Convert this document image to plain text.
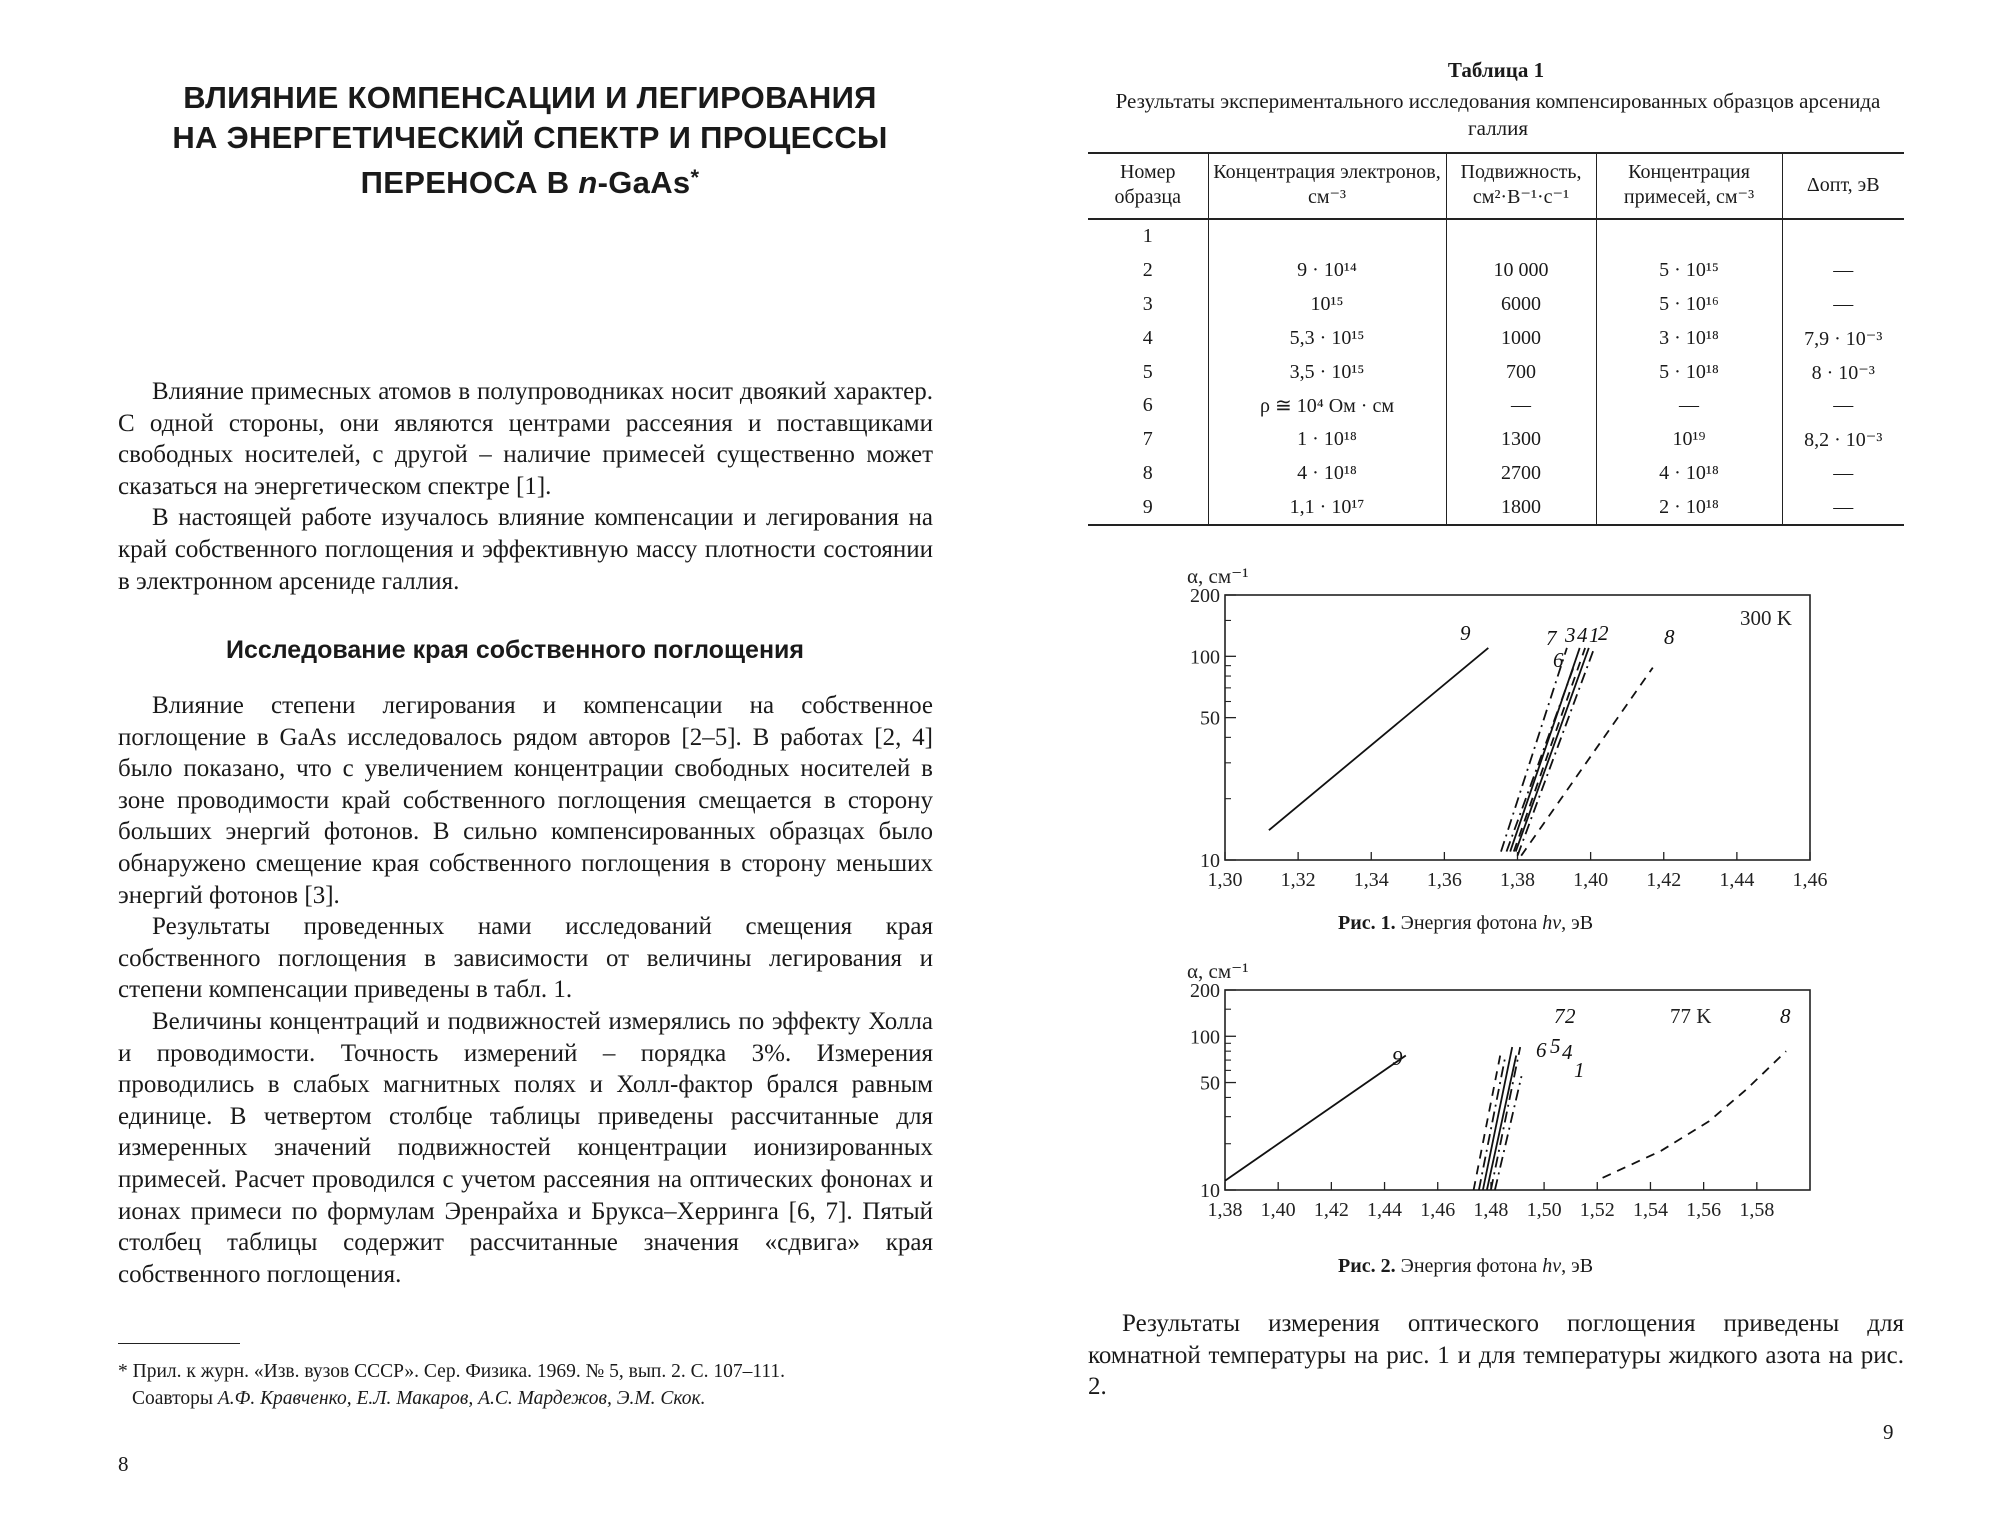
ВЛИЯНИЕ КОМПЕНСАЦИИ И ЛЕГИРОВАНИЯ
НА ЭНЕРГЕТИЧЕСКИЙ СПЕКТР И ПРОЦЕССЫ
ПЕРЕНОСА В n-GaAs*

Влияние примесных атомов в полупроводниках носит двоякий характер. С одной стороны, они являются центрами рассеяния и поставщиками свободных носителей, с другой – наличие примесей существенно может сказаться на энергетическом спектре [1].

В настоящей работе изучалось влияние компенсации и легирования на край собственного поглощения и эффективную массу плотности состоянии в электронном арсениде галлия.

Исследование края собственного поглощения

Влияние степени легирования и компенсации на собственное поглощение в GaAs исследовалось рядом авторов [2–5]. В работах [2, 4] было показано, что с увеличением концентрации свободных носителей в зоне проводимости край собственного поглощения смещается в сторону больших энергий фотонов. В сильно компенсированных образцах было обнаружено смещение края собственного поглощения в сторону меньших энергий фотонов [3].

Результаты проведенных нами исследований смещения края собственного поглощения в зависимости от величины легирования и степени компенсации приведены в табл. 1.

Величины концентраций и подвижностей измерялись по эффекту Холла и проводимости. Точность измерений – порядка 3%. Измерения проводились в слабых магнитных полях и Холл-фактор брался равным единице. В четвертом столбце таблицы приведены рассчитанные для измеренных значений подвижностей концентрации ионизированных примесей. Расчет проводился с учетом рассеяния на оптических фононах и ионах примеси по формулам Эренрайха и Брукса–Херринга [6, 7]. Пятый столбец таблицы содержит рассчитанные значения «сдвига» края собственного поглощения.

* Прил. к журн. «Изв. вузов СССР». Сер. Физика. 1969. № 5, вып. 2. С. 107–111.
Соавторы А.Ф. Кравченко, Е.Л. Макаров, А.С. Мардежов, Э.М. Скок.
8
Таблица 1
Результаты экспериментального исследования компенсированных образцов арсенида галлия
Номер образца	Концентрация электронов, см⁻³	Подвижность, см²·В⁻¹·с⁻¹	Концентрация примесей, см⁻³	Δопт, эВ
1				
2	9 · 10¹⁴	10 000	5 · 10¹⁵	—
3	10¹⁵	6000	5 · 10¹⁶	—
4	5,3 · 10¹⁵	1000	3 · 10¹⁸	7,9 · 10⁻³
5	3,5 · 10¹⁵	700	5 · 10¹⁸	8 · 10⁻³
6	ρ ≅ 10⁴ Ом · см	—	—	—
7	1 · 10¹⁸	1300	10¹⁹	8,2 · 10⁻³
8	4 · 10¹⁸	2700	4 · 10¹⁸	—
9	1,1 · 10¹⁷	1800	2 · 10¹⁸	—
1,30 1,32 1,34 1,36 1,38 1,40 1,42 1,44 1,46
10
50
100
200
α, см⁻¹
300 K
9	7 3 4 1
2
6
8
Рис. 1. Энергия фотона hν, эВ
1,38 1,40 1,42 1,44 1,46 1,48 1,50 1,52 1,54 1,56 1,58
10
50
100
200
α, см⁻¹
77 K
9
7 2
6 5 4
1
8
Рис. 2. Энергия фотона hν, эВ

Результаты измерения оптического поглощения приведены для комнатной температуры на рис. 1 и для температуры жидкого азота на рис. 2.

9
